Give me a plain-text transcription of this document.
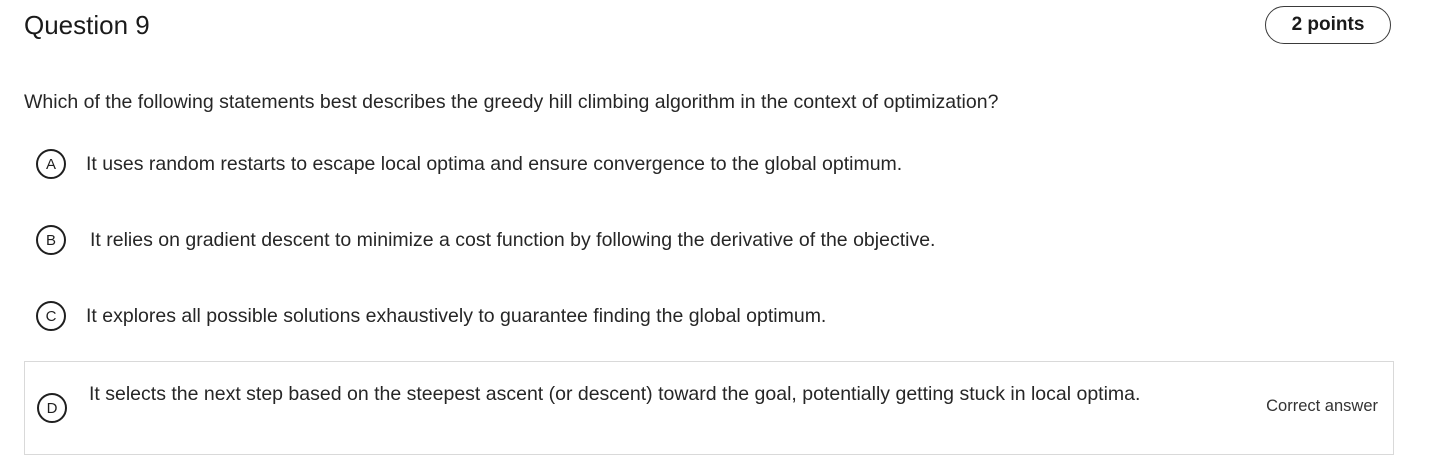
Question 9	2 points
Which of the following statements best describes the greedy hill climbing algorithm in the context of optimization?
A	It uses random restarts to escape local optima and ensure convergence to the global optimum.
B	It relies on gradient descent to minimize a cost function by following the derivative of the objective.
C	It explores all possible solutions exhaustively to guarantee finding the global optimum.
D
It selects the next step based on the steepest ascent (or descent) toward the goal, potentially getting stuck in local optima.
Correct answer
